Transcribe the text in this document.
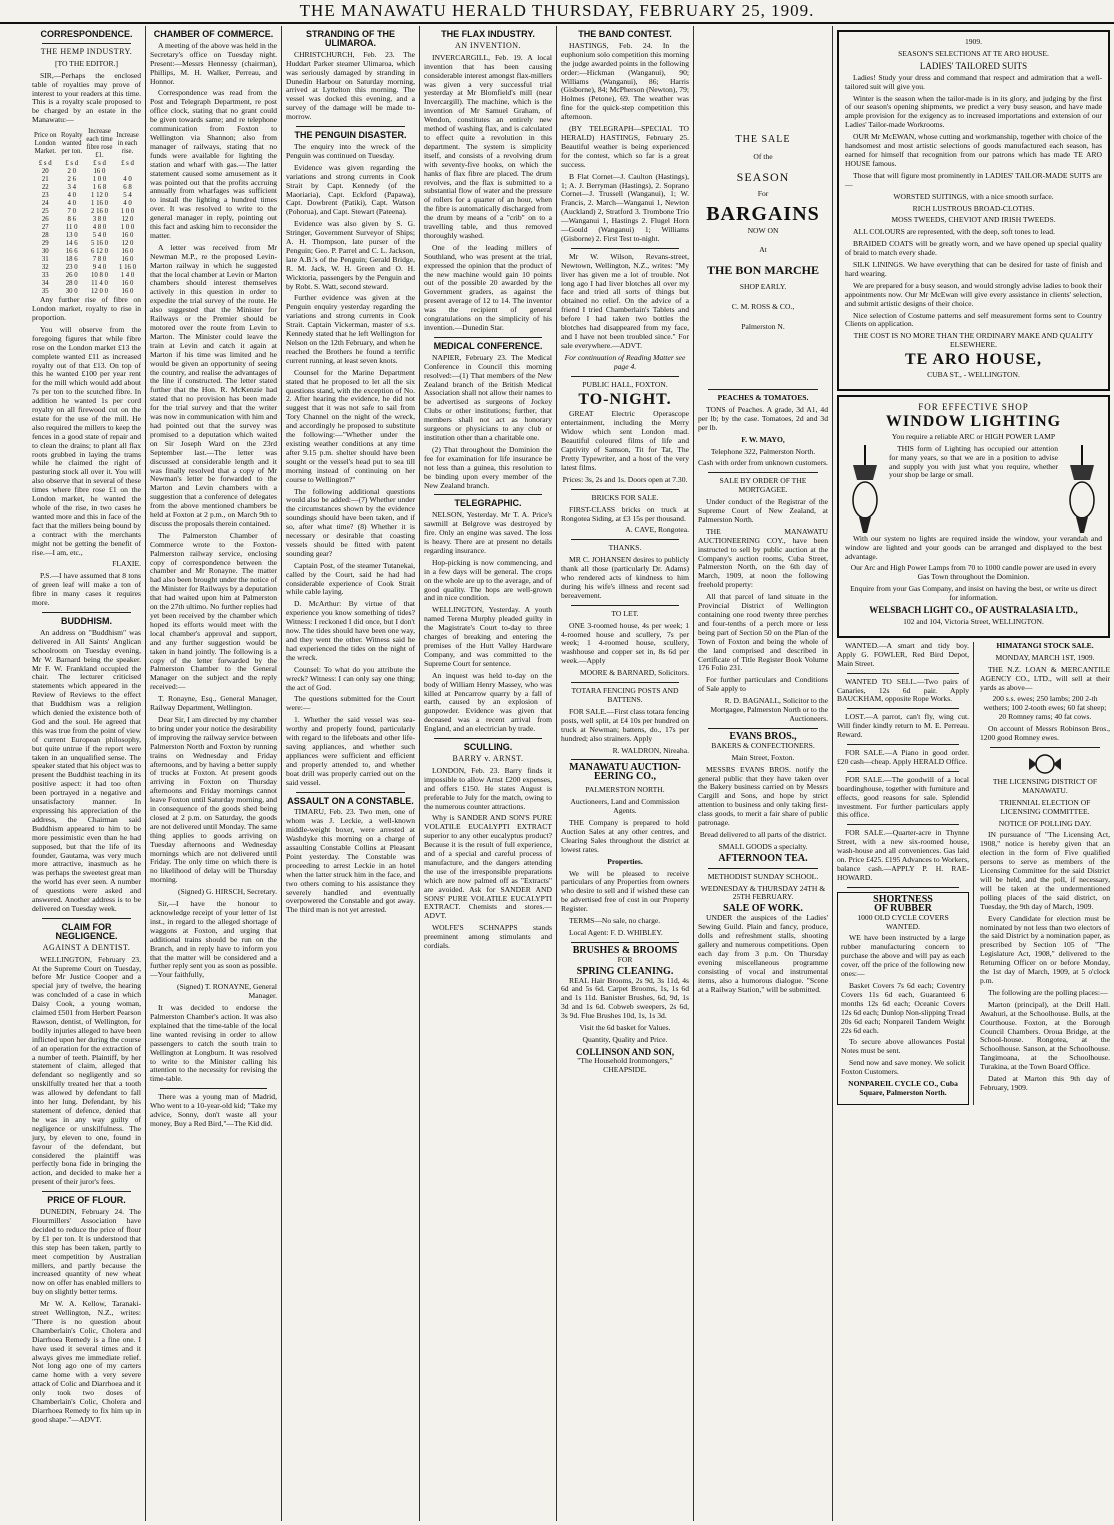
THE MANAWATU HERALD THURSDAY, FEBRUARY 25, 1909.
CORRESPONDENCE.
THE HEMP INDUSTRY.

[TO THE EDITOR.]

SIR,—Perhaps the enclosed table of royalties may prove of interest to your readers at this time. This is a royalty scale proposed to be charged by an estate in the Manawatu:—

Price on London Market.	Royalty wanted per ton.	Increase each time fibre rose £1.	Increase in each rise.
£ s d	£ s d	£ s d	£ s d
20	2 0	16 0	
21	2 6	1 0 0	4 0
22	3 4	1 6 8	6 8
23	4 0	1 12 0	5 4
24	4 0	1 16 0	4 0
25	7 0	2 16 0	1 0 0
26	8 6	3 8 0	12 0
27	11 0	4 8 0	1 0 0
28	13 0	5 4 0	16 0
29	14 6	5 16 0	12 0
30	16 6	6 12 0	16 0
31	18 6	7 8 0	16 0
32	23 0	9 4 0	1 16 0
33	26 0	10 8 0	1 4 0
34	28 0	11 4 0	16 0
35	30 0	12 0 0	16 0

Any further rise of fibre on London market, royalty to rise in proportion.

You will observe from the foregoing figures that while fibre rose on the London market £13 the complete wanted £11 as increased royalty out of that £13. On top of this he wanted £100 per year rent for the mill which would add about 7s per ton to the scutched fibre. In addition he wanted 1s per cord royalty on all firewood cut on the estate for the use of the mill. He also required the millers to keep the fences in a good state of repair and to clean the drains; to plant all flax roots grubbed in laying the trams while he claimed the right of pasturing stock all over it. You will also observe that in several of these times where fibre rose £1 on the London market, he wanted the whole of the rise, in two cases he wanted more and this in face of the fact that the millers being bound by a contract with the merchants might not be getting the benefit of rise.—I am, etc.,

FLAXIE.

P.S.—I have assumed that 8 tons of green leaf will make a ton of fibre in many cases it requires more.

BUDDHISM.

An address on "Buddhism" was delivered in All Saints' Anglican schoolroom on Tuesday evening, Mr W. Barnard being the speaker. Mr F. W. Frankland occupied the chair. The lecturer criticised statements which appeared in the Review of Reviews to the effect that Buddhism was a religion which denied the existence both of God and the soul. He agreed that this was true from the point of view of current European philosophy, but quite untrue if the report were taken in an unqualified sense. The speaker stated that his object was to present the Buddhist teaching in its positive aspect: it had too often been portrayed in a negative and unsatisfactory manner. In expressing his appreciation of the address, the Chairman said Buddhism appeared to him to be more pessimistic even than he had supposed, but that the life of its founder, Gautama, was very much more attractive, inasmuch as he was perhaps the sweetest great man the world has ever seen. A number of questions were asked and answered. Another address is to be delivered on Tuesday week.

CLAIM FOR NEGLIGENCE.
AGAINST A DENTIST.

WELLINGTON, February 23. At the Supreme Court on Tuesday, before Mr Justice Cooper and a special jury of twelve, the hearing was concluded of a case in which Daisy Cook, a young woman, claimed £501 from Herbert Pearson Rawson, dentist, of Wellington, for bodily injuries alleged to have been inflicted upon her during the course of an operation for the extraction of a number of teeth. Plaintiff, by her statement of claim, alleged that defendant so negligently and so unskilfully treated her that a tooth was allowed by defendant to fall into her lung. Defendant, by his statement of defence, denied that he was in any way guilty of negligence or unskilfulness. The jury, by eleven to one, found in favour of the defendant, but considered the plaintiff was perfectly bona fide in bringing the action, and decided to make her a present of their juror's fees.

PRICE OF FLOUR.

DUNEDIN, February 24. The Flourmillers' Association have decided to reduce the price of flour by £1 per ton. It is understood that this step has been taken, partly to meet competition by Australian millers, and partly because the increased quantity of new wheat now on offer has enabled millers to buy on slightly better terms.

Mr W. A. Kellow, Taranaki-street Wellington, N.Z., writes: "There is no question about Chamberlain's Colic, Cholera and Diarrhoea Remedy is a fine one. I have used it several times and it always gives me immediate relief. Not long ago one of my carters came home with a very severe attack of Colic and Diarrhoea and it only took two doses of Chamberlain's Colic, Cholera and Diarrhoea Remedy to fix him up in good shape."—ADVT.

CHAMBER OF COMMERCE.

A meeting of the above was held in the Secretary's office on Tuesday night. Present:—Messrs Hennessy (chairman), Phillips, M. H. Walker, Perreau, and Honnor.

Correspondence was read from the Post and Telegraph Department, re post office clock, stating that no grant could be given towards same; and re telephone communication from Foxton to Wellington via Shannon; also from manager of railways, stating that no funds were available for lighting the station and wharf with gas.—The latter statement caused some amusement as it was pointed out that the profits accruing annually from wharfages was sufficient to install the lighting a hundred times over. It was resolved to write to the general manager in reply, pointing out this fact and asking him to reconsider the matter.

A letter was received from Mr Newman M.P., re the proposed Levin-Marton railway in which he suggested that the local chamber at Levin or Marton chambers should interest themselves actively in this question in order to expedite the trial survey of the route. He also suggested that the Minister for Railways or the Premier should be motored over the route from Levin to Marton. The Minister could leave the train at Levin and catch it again at Marton if his time was limited and he would be given an opportunity of seeing the country, and realise the advantages of the line if constructed. The letter stated further that the Hon. R. McKenzie had stated that no provision has been made for the trial survey and that the writer was now in communication with him and had pointed out that the survey was promised to a deputation which waited on Sir Joseph Ward on the 23rd September last.—The letter was discussed at considerable length and it was finally resolved that a copy of Mr Newman's letter be forwarded to the Marton and Levin chambers with a suggestion that a conference of delegates from the above mentioned chambers be held at Foxton at 2 p.m., on March 9th to discuss the proposals therein contained.

The Palmerston Chamber of Commerce wrote to the Foxton-Palmerston railway service, enclosing copy of correspondence between the chamber and Mr Ronayne. The matter had also been brought under the notice of the Minister for Railways by a deputation that had waited upon him at Palmerston on the 27th ultimo. No further replies had yet been received by the chamber which hoped its efforts would meet with the local chamber's approval and support, and any further suggestion would be taken in hand jointly. The following is a copy of the letter forwarded by the Palmerston Chamber to the General Manager on the subject and the reply received:—

T. Ronayne, Esq., General Manager, Railway Department, Wellington.

Dear Sir, I am directed by my chamber to bring under your notice the desirability of improving the railway service between Palmerston North and Foxton by running trains on Wednesday and Friday afternoons, and by having a better supply of trucks at Foxton. At present goods arriving in Foxton on Thursday afternoons and Friday mornings cannot leave Foxton until Saturday morning, and in consequence of the goods shed being closed at 2 p.m. on Saturday, the goods are not delivered until Monday. The same thing applies to goods arriving on Tuesday afternoons and Wednesday mornings which are not delivered until Friday. The only time on which there is no likelihood of delay will be Thursday morning.

(Signed) G. HIRSCH, Secretary.

Sir,—I have the honour to acknowledge receipt of your letter of 1st inst., in regard to the alleged shortage of waggons at Foxton, and urging that additional trains should be run on the Branch, and in reply have to inform you that the matter will be considered and a further reply sent you as soon as possible.—Your faithfully,

(Signed) T. RONAYNE, General Manager.

It was decided to endorse the Palmerston Chamber's action. It was also explained that the time-table of the local line wanted revising in order to allow passengers to catch the south train to Wellington at Longburn. It was resolved to write to the Minister calling his attention to the necessity for revising the time-table.

There was a young man of Madrid, Who went to a 10-year-old kid; "Take my advice, Sonny, don't waste all your money, Buy a Red Bird,"—The Kid did.

STRANDING OF THE ULIMAROA.

CHRISTCHURCH, Feb. 23. The Huddart Parker steamer Ulimaroa, which was seriously damaged by stranding in Dunedin Harbour on Saturday morning, arrived at Lyttelton this morning. The vessel was docked this evening, and a survey of the damage will be made to-morrow.

THE PENGUIN DISASTER.

The enquiry into the wreck of the Penguin was continued on Tuesday.

Evidence was given regarding the variations and strong currents in Cook Strait by Capt. Kennedy (of the Maoriaria), Capt. Eckford (Papawa), Capt. Dowbrent (Patiki), Capt. Watson (Pohorua), and Capt. Stewart (Pateena).

Evidence was also given by S. G. Stringer, Government Surveyor of Ships; A. H. Thompson, late purser of the Penguin; Geo. P. Parrel and C. L. Jackson, late A.B.'s of the Penguin; Gerald Bridge, R. M. Jack, W. H. Green and O. H. Wicktoria, passengers by the Penguin and by Robt. S. Watt, second steward.

Further evidence was given at the Penguin enquiry yesterday regarding the variations and strong currents in Cook Strait. Captain Vickerman, master of s.s. Kennedy stated that he left Wellington for Nelson on the 12th February, and when he reached the Brothers he found a terrific current running, at least seven knots.

Counsel for the Marine Department stated that he proposed to let all the six questions stand, with the exception of No. 2. After hearing the evidence, he did not suggest that it was not safe to sail from Tory Channel on the night of the wreck, and accordingly he proposed to substitute the following:—"Whether under the existing weather conditions at any time after 9.15 p.m. shelter should have been sought or the vessel's head put to sea till morning instead of continuing on her course to Wellington?"

The following additional questions would also be added:—(7) Whether under the circumstances shown by the evidence soundings should have been taken, and if so, after what time? (8) Whether it is necessary or desirable that coasting vessels should be fitted with patent sounding gear?

Captain Post, of the steamer Tutanekai, called by the Court, said he had had considerable experience of Cook Strait while cable laying.

D. McArthur: By virtue of that experience you know something of tides? Witness: I reckoned I did once, but I don't now. The tides should have been one way, and they went the other. Witness said he had experienced the tides on the night of the wreck.

Counsel: To what do you attribute the wreck? Witness: I can only say one thing; the act of God.

The questions submitted for the Court were:—

1. Whether the said vessel was sea-worthy and properly found, particularly with regard to the lifeboats and other life-saving appliances, and whether such appliances were sufficient and efficient and properly attended to, and whether boat drill was properly carried out on the said vessel.

ASSAULT ON A CONSTABLE.

TIMARU, Feb. 23. Two men, one of whom was J. Leckie, a well-known middle-weight boxer, were arrested at Washdyke this morning on a charge of assaulting Constable Collins at Pleasant Point yesterday. The Constable was proceeding to arrest Leckie in an hotel when the latter struck him in the face, and two others coming to his assistance they severely handled and eventually overpowered the Constable and got away. The third man is not yet arrested.

THE FLAX INDUSTRY.
AN INVENTION.

INVERCARGILL, Feb. 19. A local invention that has been causing considerable interest amongst flax-millers was given a very successful trial yesterday at Mr Blomfield's mill (near Invercargill). The machine, which is the invention of Mr Samuel Graham, of Wendon, constitutes an entirely new method of washing flax, and is calculated to effect quite a revolution in this department. The system is simplicity itself, and consists of a revolving drum with seventy-five hooks, on which the hanks of flax fibre are placed. The drum revolves, and the flax is submitted to a substantial flow of water and the pressure of rollers for a quarter of an hour, when the fibre is automatically discharged from the drum by means of a "crib" on to a travelling table, and thus removed thoroughly washed.

One of the leading millers of Southland, who was present at the trial, expressed the opinion that the product of the new machine would gain 10 points out of the possible 20 awarded by the Government graders, as against the present average of 12 to 14. The inventor was the recipient of general congratulations on the simplicity of his invention.—Dunedin Star.

MEDICAL CONFERENCE.

NAPIER, February 23. The Medical Conference in Council this morning resolved:—(1) That members of the New Zealand branch of the British Medical Association shall not allow their names to be advertised as surgeons of Jockey Clubs or other institutions; further, that members shall not act as honorary surgeons or physicians to any club or institution other than a charitable one.

(2) That throughout the Dominion the fee for examination for life insurance be not less than a guinea, this resolution to be binding upon every member of the New Zealand branch.

TELEGRAPHIC.

NELSON, Yesterday. Mr T. A. Price's sawmill at Belgrove was destroyed by fire. Only an engine was saved. The loss is heavy. There are at present no details regarding insurance.

Hop-picking is now commencing, and in a few days will be general. The crops on the whole are up to the average, and of good quality. The hops are well-grown and in nice condition.

WELLINGTON, Yesterday. A youth named Terena Murphy pleaded guilty in the Magistrate's Court to-day to three charges of breaking and entering the premises of the Hutt Valley Hardware Company, and was committed to the Supreme Court for sentence.

An inquest was held to-day on the body of William Henry Massey, who was killed at Pencarrow quarry by a fall of earth, caused by an explosion of gunpowder. Evidence was given that deceased was a recent arrival from England, and an electrician by trade.

SCULLING.
BARRY v. ARNST.

LONDON, Feb. 23. Barry finds it impossible to allow Arnst £200 expenses, and offers £150. He states August is preferable to July for the match, owing to the numerous counter attractions.

Why is SANDER AND SON'S PURE VOLATILE EUCALYPTI EXTRACT superior to any other eucalyptus product? Because it is the result of full experience, and of a special and careful process of manufacture, and the dangers attending the use of the irresponsible preparations which are now palmed off as "Extracts" are avoided. Ask for SANDER AND SONS' PURE VOLATILE EUCALYPTI EXTRACT. Chemists and stores.—ADVT.

WOLFE'S SCHNAPPS stands preeminent among stimulants and cordials.

THE BAND CONTEST.

HASTINGS, Feb. 24. In the euphonium solo competition this morning the judge awarded points in the following order:—Hickman (Wanganui), 90; Williams (Wanganui), 86; Harris (Gisborne), 84; McPherson (Newton), 79; Holmes (Petone), 69. The weather was fine for the quick-step competition this afternoon.

(BY TELEGRAPH—SPECIAL TO HERALD) HASTINGS, February 25. Beautiful weather is being experienced for the contest, which so far is a great success.

B Flat Cornet—J. Caulton (Hastings), 1; A. J. Berryman (Hastings), 2. Soprano Cornet—J. Trussell (Wanganui), 1; W. Francis, 2. March—Wanganui 1, Newton (Auckland) 2, Stratford 3. Trombone Trio—Wanganui 1, Hastings 2. Flugel Horn—Gould (Wanganui) 1; Williams (Gisborne) 2. First Test to-night.

Mr W. Wilson, Revans-street, Newtown, Wellington, N.Z., writes: "My liver has given me a lot of trouble. Not long ago I had liver blotches all over my face and tried all sorts of things but obtained no relief. On the advice of a friend I tried Chamberlain's Tablets and before I had taken two bottles the blotches had disappeared from my face, and I have not been troubled since." For sale everywhere.—ADVT.

For continuation of Reading Matter see page 4.

PUBLIC HALL, FOXTON.

TO-NIGHT.

GREAT Electric Operascope entertainment, including the Merry Widow which sent London mad. Beautiful coloured films of life and Captivity of Samson, Tit for Tat, The Pretty Typewriter, and a host of the very latest films.

Prices: 3s, 2s and 1s. Doors open at 7.30.

BRICKS FOR SALE.

FIRST-CLASS bricks on truck at Rongotea Siding, at £3 15s per thousand.

A. CAVE, Rongotea.

THANKS.

MR C. JOHANSEN desires to publicly thank all those (particularly Dr. Adams) who rendered acts of kindness to him during his wife's illness and recent sad bereavement.

TO LET.

ONE 3-roomed house, 4s per week; 1 4-roomed house and scullery, 7s per week; 1 4-roomed house, scullery, washhouse and copper set in, 8s 6d per week.—Apply

MOORE & BARNARD, Solicitors.

TOTARA FENCING POSTS AND BATTENS.

FOR SALE.—First class totara fencing posts, well split, at £4 10s per hundred on truck at Newman; battens, do., 17s per hundred; also strainers. Apply

R. WALDRON, Nireaha.

MANAWATU AUCTION-EERING CO.,

PALMERSTON NORTH.

Auctioneers, Land and Commission Agents.

THE Company is prepared to hold Auction Sales at any other centres, and Clearing Sales throughout the district at lowest rates.

Properties.

We will be pleased to receive particulars of any Properties from owners who desire to sell and if wished these can be advertised free of cost in our Property Register.

TERMS—No sale, no charge.

Local Agent: F. D. WHIBLEY.

BRUSHES & BROOMS

FOR

SPRING CLEANING.

REAL Hair Brooms, 2s 9d, 3s 11d, 4s 6d and 5s 6d. Carpet Brooms, 1s, 1s 6d and 1s 11d. Banister Brushes, 6d, 9d, 1s 3d and 1s 6d. Cobweb sweepers, 2s 6d, 3s 9d. Flue Brushes 10d, 1s, 1s 3d.

Visit the 6d basket for Values.

Quantity, Quality and Price.

COLLINSON AND SON,

"The Household Ironmongers," CHEAPSIDE.

THE SALE

Of the

SEASON

For

BARGAINS

NOW ON

At

THE BON MARCHE

SHOP EARLY.

C. M. ROSS & CO.,

Palmerston N.

PEACHES & TOMATOES.

TONS of Peaches. A grade, 3d A1, 4d per lb; by the case. Tomatoes, 2d and 3d per lb.

F. W. MAYO,

Telephone 322, Palmerston North.

Cash with order from unknown customers.

SALE BY ORDER OF THE MORTGAGEE.

Under conduct of the Registrar of the Supreme Court of New Zealand, at Palmerston North.

THE MANAWATU AUCTIONEERING COY., have been instructed to sell by public auction at the Company's auction rooms, Cuba Street, Palmerston North, on the 6th day of March, 1909, at noon the following freehold property:

All that parcel of land situate in the Provincial District of Wellington containing one rood twenty three perches and four-tenths of a perch more or less being part of Section 50 on the Plan of the Town of Foxton and being the whole of the land comprised and described in Certificate of Title Register Book Volume 176 Folio 231.

For further particulars and Conditions of Sale apply to

R. D. BAGNALL, Solicitor to the Mortgagee, Palmerston North or to the Auctioneers.

EVANS BROS.,

BAKERS & CONFECTIONERS.

Main Street, Foxton.

MESSRS EVANS BROS. notify the general public that they have taken over the Bakery business carried on by Messrs Cargill and Sons, and hope by strict attention to business and only taking first-class goods, to merit a fair share of public patronage.

Bread delivered to all parts of the district.

SMALL GOODS a specialty.

AFTERNOON TEA.

METHODIST SUNDAY SCHOOL.

WEDNESDAY & THURSDAY 24TH & 25TH FEBRUARY.

SALE OF WORK.

UNDER the auspices of the Ladies' Sewing Guild. Plain and fancy, produce, dolls and refreshment stalls, shooting gallery and numerous competitions. Open each day from 3 p.m. On Thursday evening miscellaneous programme consisting of vocal and instrumental items, also a humorous dialogue. "Scene at a Railway Station," will be submitted.

1909.

SEASON'S SELECTIONS AT TE ARO HOUSE.

LADIES' TAILORED SUITS

Ladies! Study your dress and command that respect and admiration that a well-tailored suit will give you.

Winter is the season when the tailor-made is in its glory, and judging by the first of our season's opening shipments, we predict a very busy season, and have made ample provision for the exigency as to increased importations and extension of our Ladies' Tailor-made Workrooms.

OUR Mr McEWAN, whose cutting and workmanship, together with choice of the handsomest and most artistic selections of goods manufactured each season, has earned for himself that recognition from our patrons which has made TE ARO HOUSE famous.

Those that will figure most prominently in LADIES' TAILOR-MADE SUITS are—

WORSTED SUITINGS, with a nice smooth surface.

RICH LUSTROUS BROAD-CLOTHS.

MOSS TWEEDS, CHEVIOT AND IRISH TWEEDS.

ALL COLOURS are represented, with the deep, soft tones to lead.

BRAIDED COATS will be greatly worn, and we have opened up special quality of braid to match every shade.

SILK LININGS. We have everything that can be desired for taste of finish and hard wearing.

We are prepared for a busy season, and would strongly advise ladies to book their appointments now. Our Mr McEwan will give every assistance in clients' selection, and submit artistic designs of their choice.

Nice selection of Costume patterns and self measurement forms sent to Country Clients on application.

THE COST IS NO MORE THAN THE ORDINARY MAKE AND QUALITY ELSEWHERE.

TE ARO HOUSE,

CUBA ST., - WELLINGTON.

FOR EFFECTIVE SHOP

WINDOW LIGHTING

You require a reliable ARC or HIGH POWER LAMP

THIS form of Lighting has occupied our attention for many years, so that we are in a position to advise and supply you with just what you require, whether your shop be large or small.

With our system no lights are required inside the window, your verandah and window are lighted and your goods can be arranged and displayed to the best advantage.

Our Arc and High Power Lamps from 70 to 1000 candle power are used in every Gas Town throughout the Dominion.

Enquire from your Gas Company, and insist on having the best, or write us direct for information.

WELSBACH LIGHT CO., OF AUSTRALASIA LTD.,

102 and 104, Victoria Street, WELLINGTON.

WANTED.—A smart and tidy boy. Apply G. FOWLER, Red Bird Depot, Main Street.

WANTED TO SELL.—Two pairs of Canaries, 12s 6d pair. Apply BAUCKHAM, opposite Rope Works.

LOST.—A parrot, can't fly, wing cut. Will finder kindly return to M. E. Perreau. Reward.

FOR SALE.—A Piano in good order. £20 cash—cheap. Apply HERALD Office.

FOR SALE.—The goodwill of a local boardinghouse, together with furniture and effects, good reasons for sale. Splendid investment. For further particulars apply this office.

FOR SALE.—Quarter-acre in Thynne Street, with a new six-roomed house, wash-house and all conveniences. Gas laid on. Price £425. £195 Advances to Workers, balance cash.—APPLY P. H. RAE-HOWARD.

SHORTNESS
OF RUBBER

1000 OLD CYCLE COVERS WANTED.

WE have been instructed by a large rubber manufacturing concern to purchase the above and will pay as each cover, off the price of the following new ones:—

Basket Covers 7s 6d each; Coventry Covers 11s 6d each, Guaranteed 6 months 12s 6d each; Oceanic Covers 12s 6d each; Dunlop Non-slipping Tread 20s 6d each; Nonpareil Tandem Weight 22s 6d each.

To secure above allowances Postal Notes must be sent.

Send now and save money. We solicit Foxton Customers.

NONPAREIL CYCLE CO., Cuba Square, Palmerston North.

HIMATANGI STOCK SALE.

MONDAY, MARCH 1ST, 1909.

THE N.Z. LOAN & MERCANTILE AGENCY CO., LTD., will sell at their yards as above—

200 s.s. ewes; 250 lambs; 200 2-th wethers; 100 2-tooth ewes; 60 fat sheep; 20 Romney rams; 40 fat cows.

On account of Messrs Robinson Bros., 1200 good Romney ewes.

THE LICENSING DISTRICT OF MANAWATU.

TRIENNIAL ELECTION OF LICENSING COMMITTEE.

NOTICE OF POLLING DAY.

IN pursuance of "The Licensing Act, 1908," notice is hereby given that an election in the form of Five qualified persons to serve as members of the Licensing Committee for the said District will be held, and the poll, if necessary, will be taken at the undermentioned polling places of the said district, on Tuesday, the 9th day of March, 1909.

Every Candidate for election must be nominated by not less than two electors of the said District by a nomination paper, as prescribed by Section 105 of "The Legislature Act, 1908," delivered to the Returning Officer on or before Monday, the 1st day of March, 1909, at 5 o'clock p.m.

The following are the polling places:—

Marton (principal), at the Drill Hall. Awahuri, at the Schoolhouse. Bulls, at the Courthouse. Foxton, at the Borough Council Chambers. Oroua Bridge, at the School-house. Rongotea, at the Schoolhouse. Sanson, at the Schoolhouse. Tangimoana, at the Schoolhouse. Turakina, at the Town Board Office.

Dated at Marton this 9th day of February, 1909.
